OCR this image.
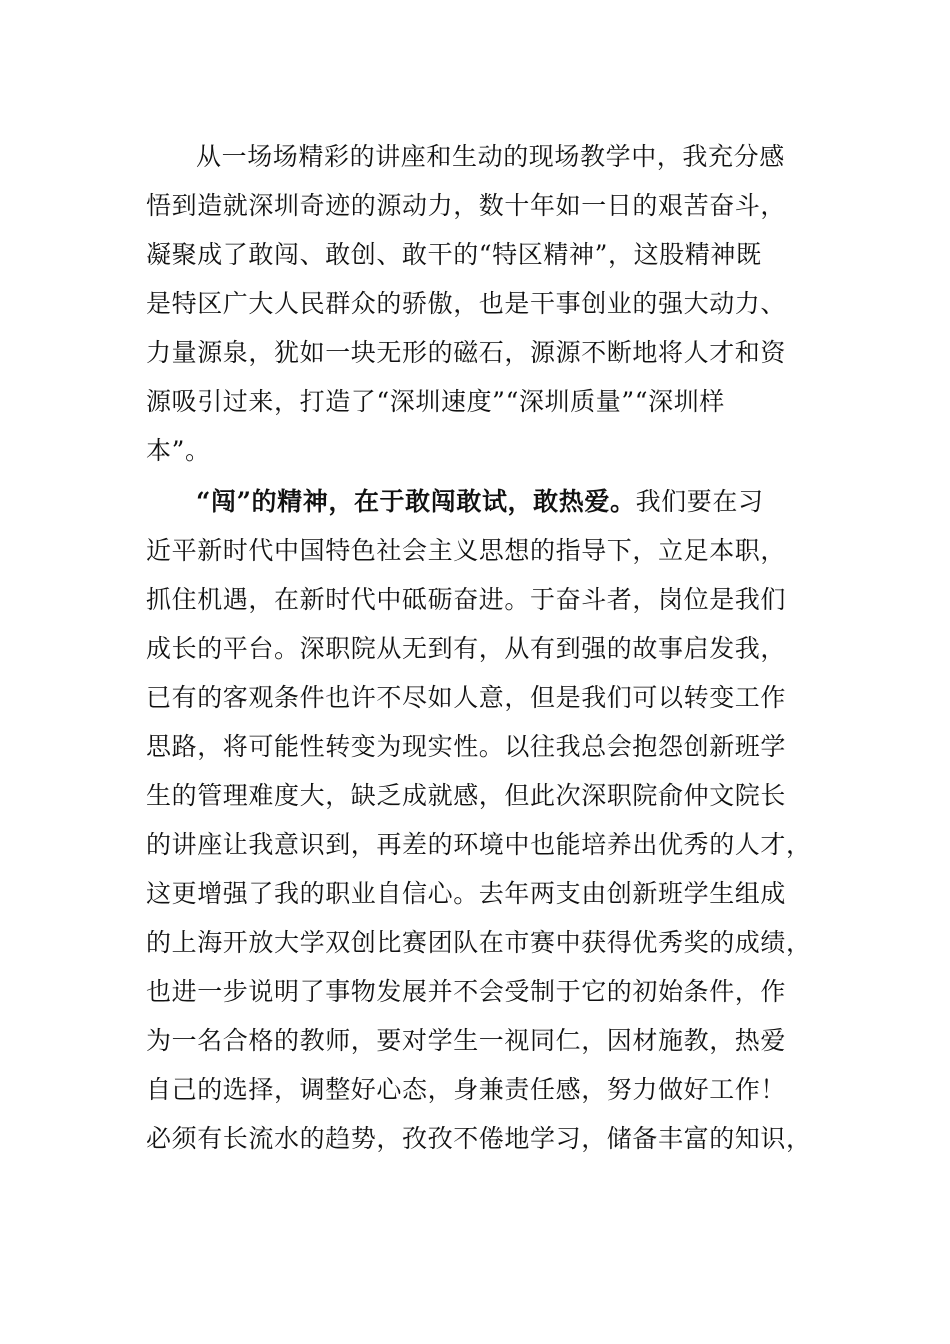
从一场场精彩的讲座和生动的现场教学中，我充分感
悟到造就深圳奇迹的源动力，数十年如一日的艰苦奋斗，
凝聚成了敢闯、敢创、敢干的“特区精神”，这股精神既
是特区广大人民群众的骄傲，也是干事创业的强大动力、
力量源泉，犹如一块无形的磁石，源源不断地将人才和资
源吸引过来，打造了“深圳速度”“深圳质量”“深圳样
本”。
“闯”的精神，在于敢闯敢试，敢热爱。我们要在习
近平新时代中国特色社会主义思想的指导下，立足本职，
抓住机遇，在新时代中砥砺奋进。于奋斗者，岗位是我们
成长的平台。深职院从无到有，从有到强的故事启发我，
已有的客观条件也许不尽如人意，但是我们可以转变工作
思路，将可能性转变为现实性。以往我总会抱怨创新班学
生的管理难度大，缺乏成就感，但此次深职院俞仲文院长
的讲座让我意识到，再差的环境中也能培养出优秀的人才，
这更增强了我的职业自信心。去年两支由创新班学生组成
的上海开放大学双创比赛团队在市赛中获得优秀奖的成绩，
也进一步说明了事物发展并不会受制于它的初始条件，作
为一名合格的教师，要对学生一视同仁，因材施教，热爱
自己的选择，调整好心态，身兼责任感，努力做好工作！
必须有长流水的趋势，孜孜不倦地学习，储备丰富的知识，
